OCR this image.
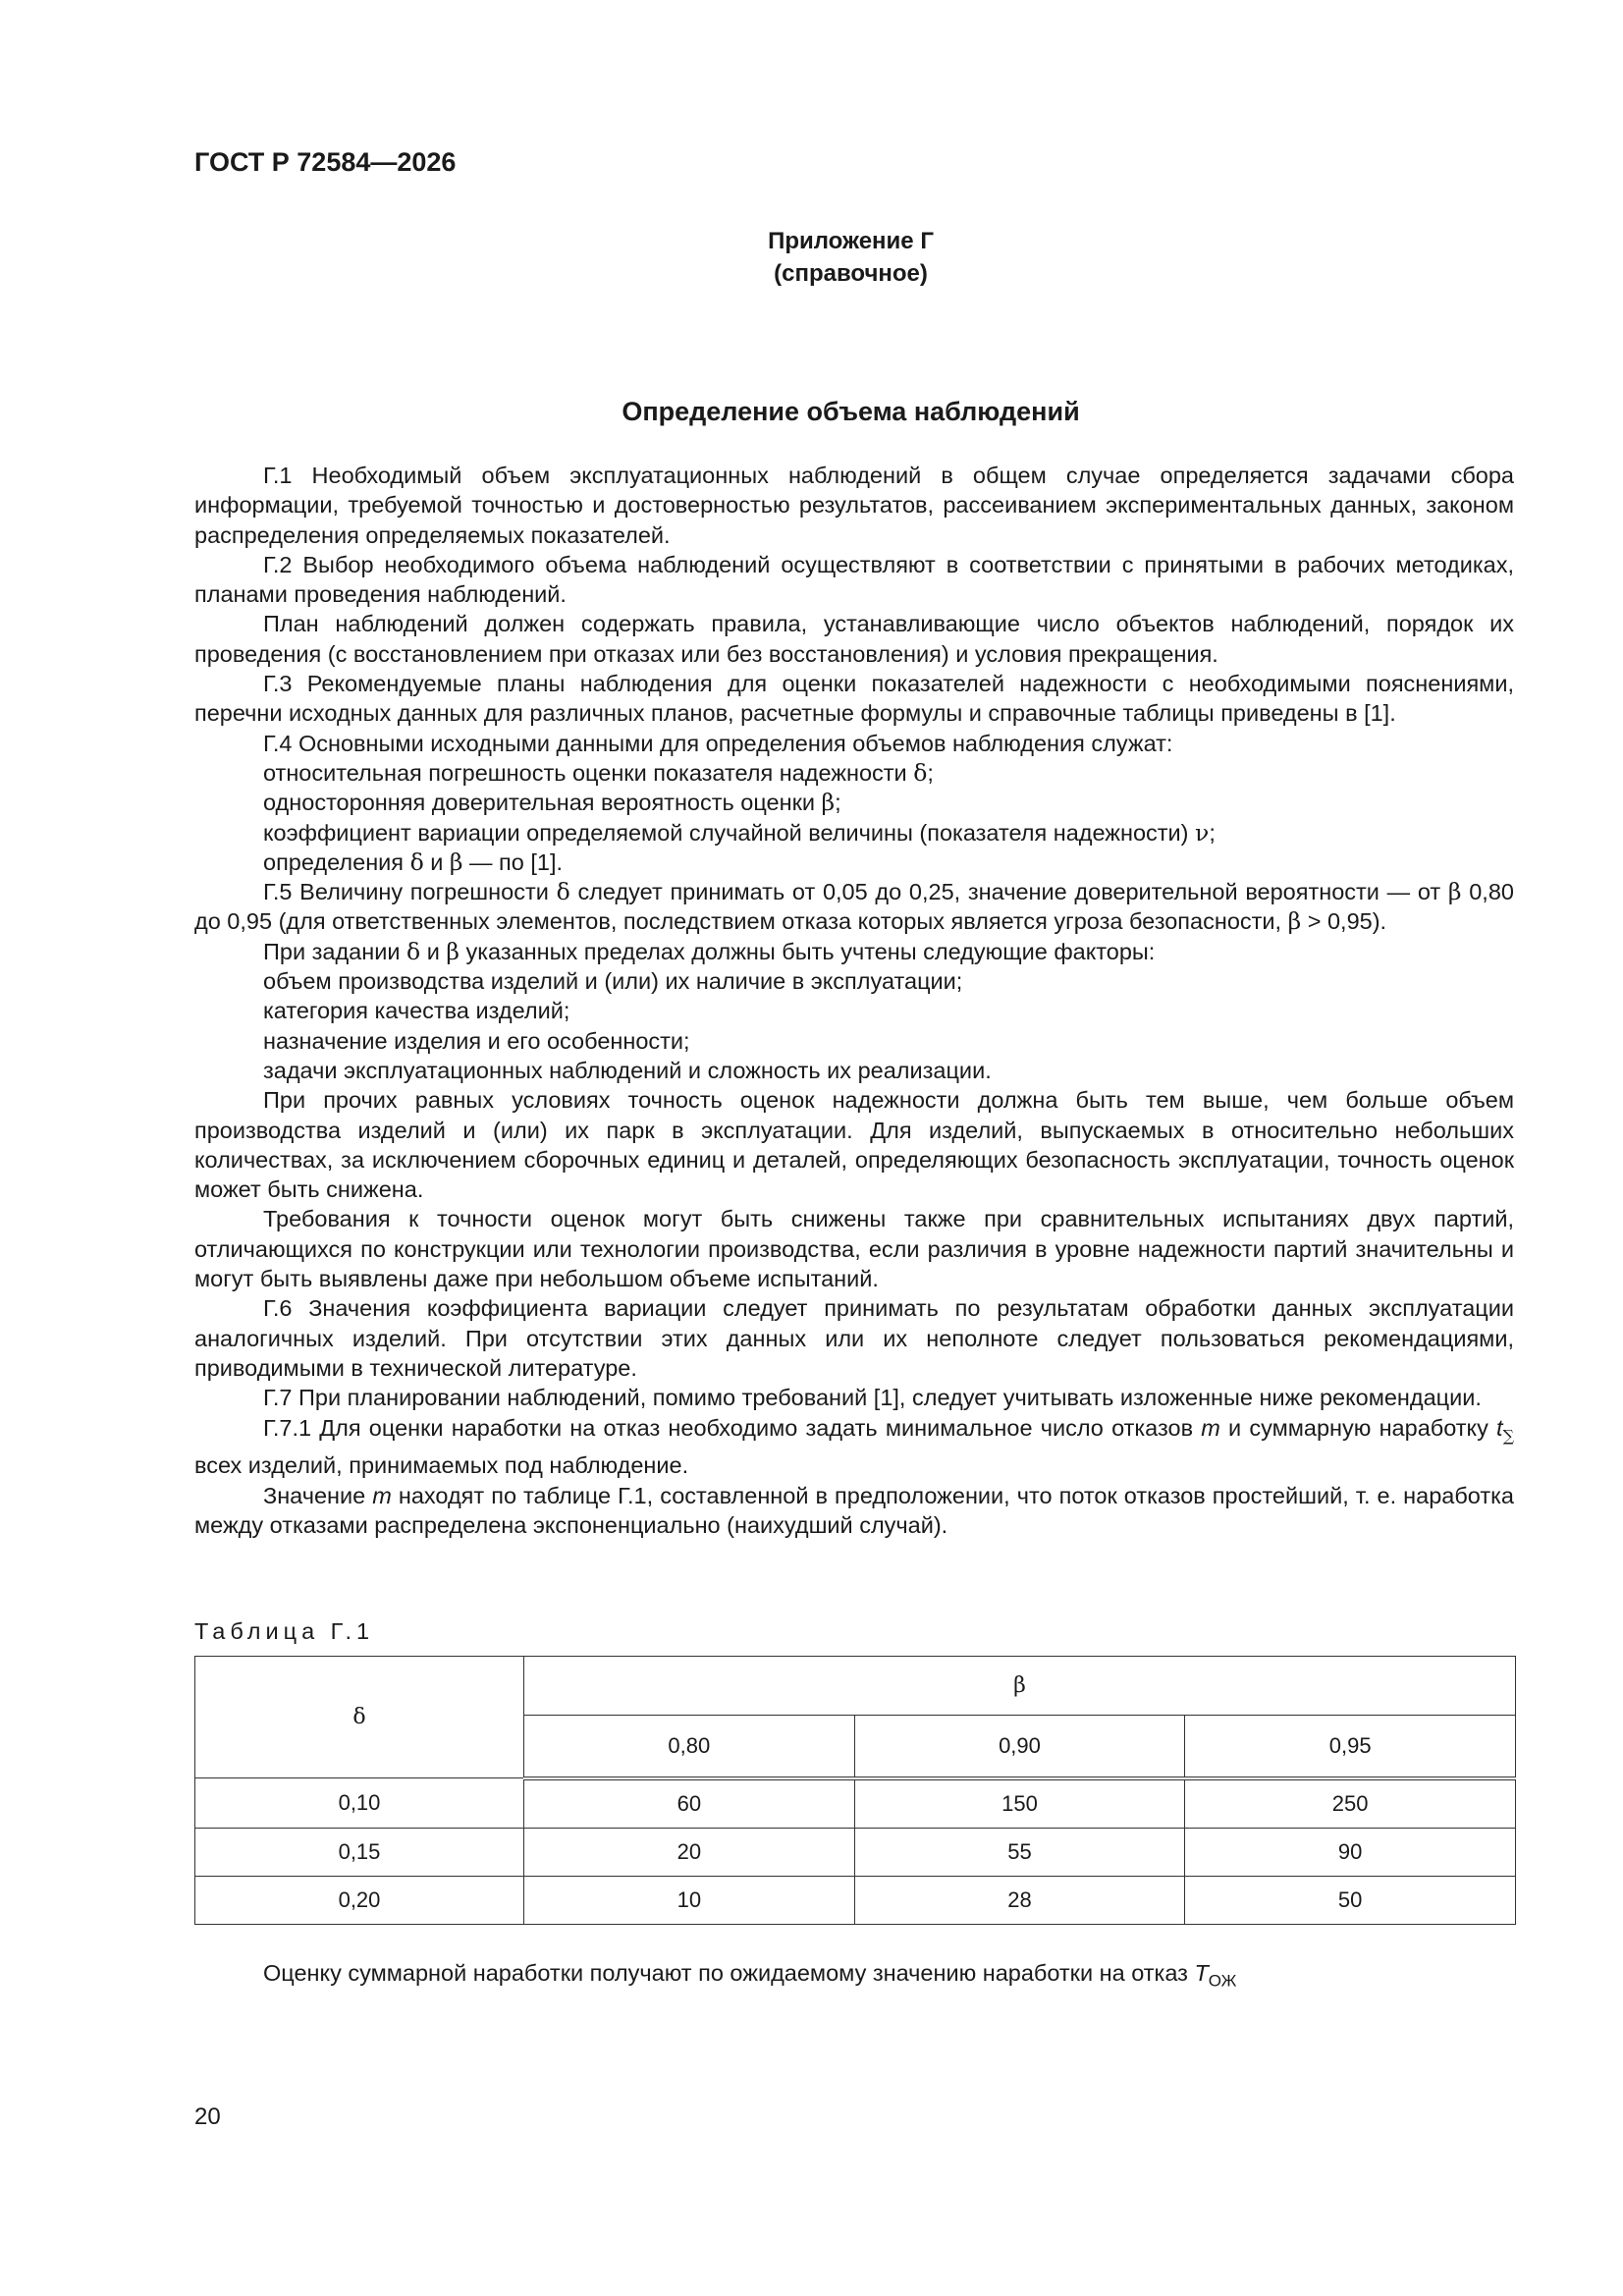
ГОСТ Р 72584—2026
Приложение Г
(справочное)
Определение объема наблюдений

Г.1 Необходимый объем эксплуатационных наблюдений в общем случае определяется задачами сбора информации, требуемой точностью и достоверностью результатов, рассеиванием экспериментальных данных, законом распределения определяемых показателей.

Г.2 Выбор необходимого объема наблюдений осуществляют в соответствии с принятыми в рабочих методиках, планами проведения наблюдений.

План наблюдений должен содержать правила, устанавливающие число объектов наблюдений, порядок их проведения (с восстановлением при отказах или без восстановления) и условия прекращения.

Г.3 Рекомендуемые планы наблюдения для оценки показателей надежности с необходимыми пояснениями, перечни исходных данных для различных планов, расчетные формулы и справочные таблицы приведены в [1].

Г.4 Основными исходными данными для определения объемов наблюдения служат:

относительная погрешность оценки показателя надежности δ;

односторонняя доверительная вероятность оценки β;

коэффициент вариации определяемой случайной величины (показателя надежности) ν;

определения δ и β — по [1].

Г.5 Величину погрешности δ следует принимать от 0,05 до 0,25, значение доверительной вероятности — от β 0,80 до 0,95 (для ответственных элементов, последствием отказа которых является угроза безопасности, β > 0,95).

При задании δ и β указанных пределах должны быть учтены следующие факторы:

объем производства изделий и (или) их наличие в эксплуатации;

категория качества изделий;

назначение изделия и его особенности;

задачи эксплуатационных наблюдений и сложность их реализации.

При прочих равных условиях точность оценок надежности должна быть тем выше, чем больше объем производства изделий и (или) их парк в эксплуатации. Для изделий, выпускаемых в относительно небольших количествах, за исключением сборочных единиц и деталей, определяющих безопасность эксплуатации, точность оценок может быть снижена.

Требования к точности оценок могут быть снижены также при сравнительных испытаниях двух партий, отличающихся по конструкции или технологии производства, если различия в уровне надежности партий значительны и могут быть выявлены даже при небольшом объеме испытаний.

Г.6 Значения коэффициента вариации следует принимать по результатам обработки данных эксплуатации аналогичных изделий. При отсутствии этих данных или их неполноте следует пользоваться рекомендациями, приводимыми в технической литературе.

Г.7 При планировании наблюдений, помимо требований [1], следует учитывать изложенные ниже рекомендации.

Г.7.1 Для оценки наработки на отказ необходимо задать минимальное число отказов m и суммарную наработку $t_\sum$ всех изделий, принимаемых под наблюдение.

Значение m находят по таблице Г.1, составленной в предположении, что поток отказов простейший, т. е. наработка между отказами распределена экспоненциально (наихудший случай).

Таблица Г.1
δ	β		
	0,80	0,90	0,95
0,10	60	150	250
0,15	20	55	90
0,20	10	28	50
Оценку суммарной наработки получают по ожидаемому значению наработки на отказ $T_{ОЖ}$
20
